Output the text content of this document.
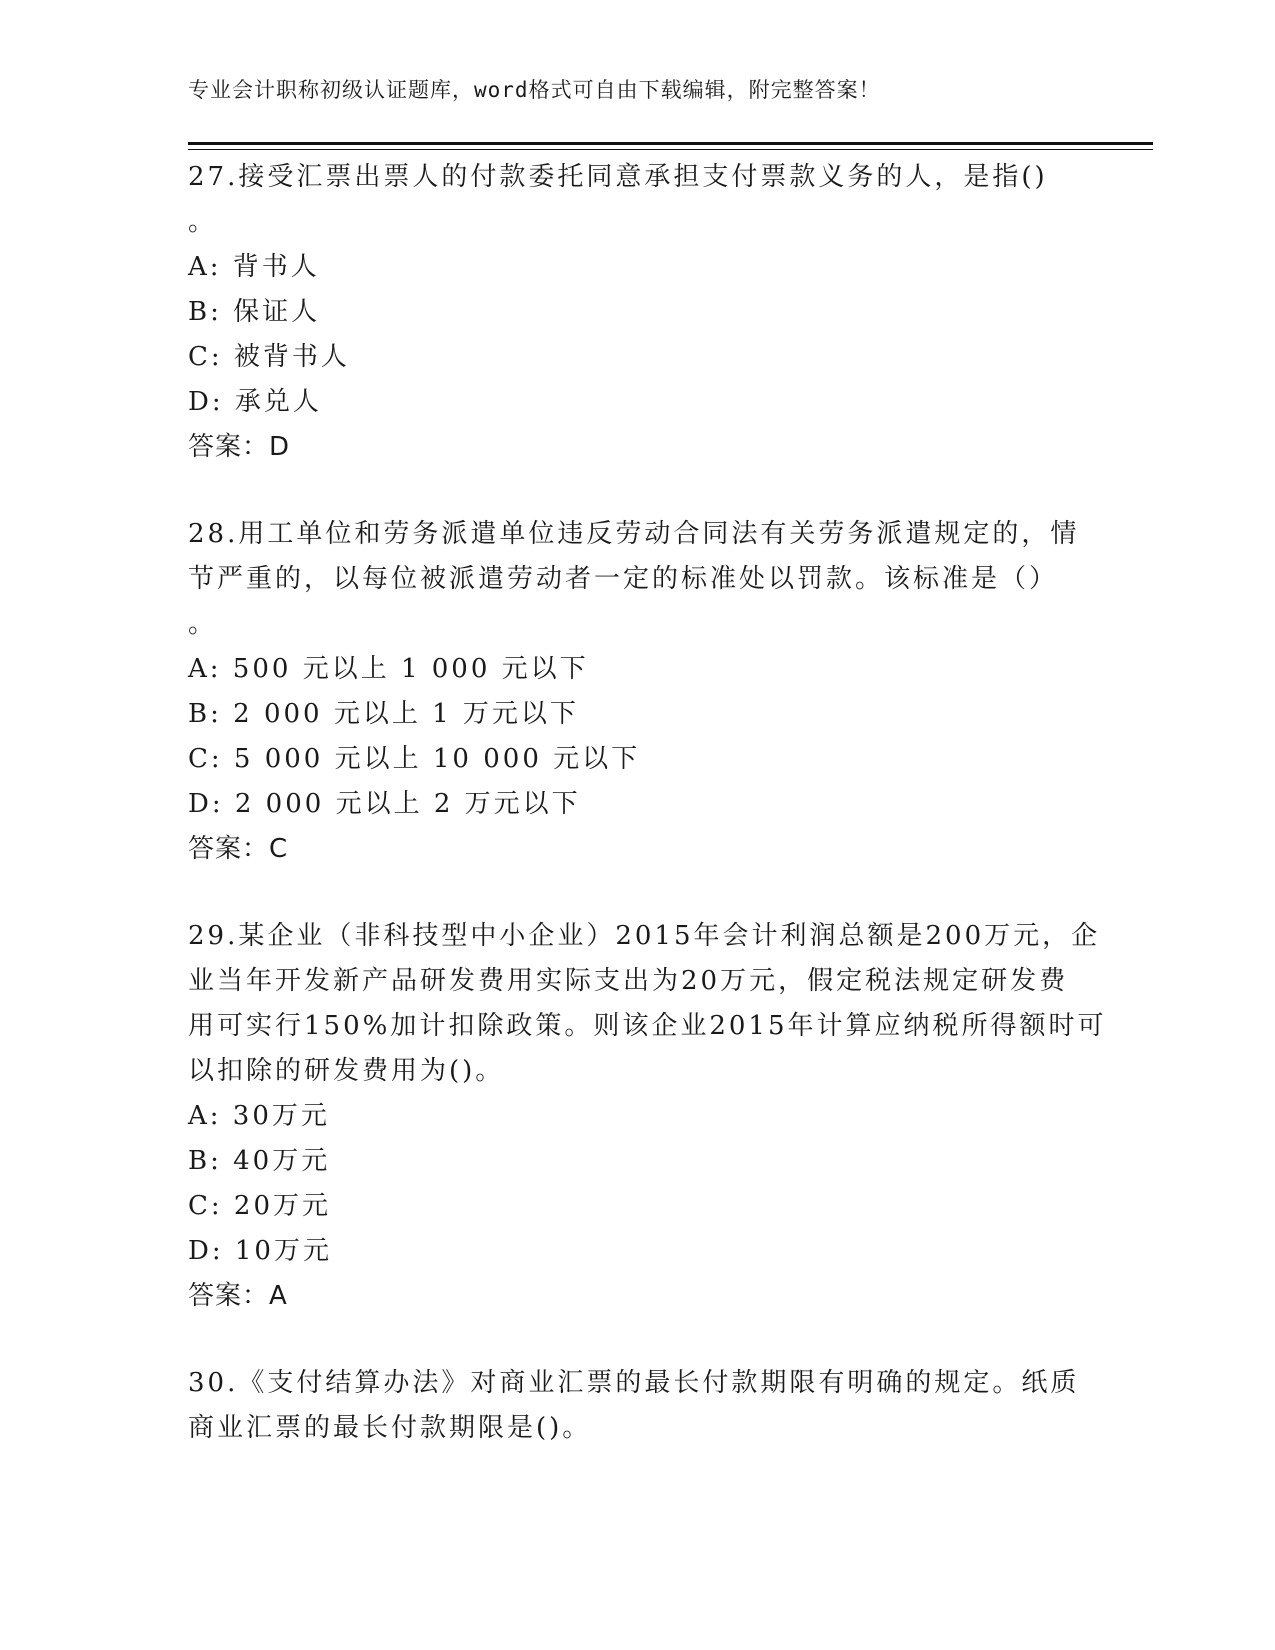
专业会计职称初级认证题库，word格式可自由下载编辑，附完整答案！
27.接受汇票出票人的付款委托同意承担支付票款义务的人，是指()
。
A: 背书人
B: 保证人
C: 被背书人
D: 承兑人
答案：D
28.用工单位和劳务派遣单位违反劳动合同法有关劳务派遣规定的，情
节严重的，以每位被派遣劳动者一定的标准处以罚款。该标准是（）
。
A: 500 元以上 1 000 元以下
B: 2 000 元以上 1 万元以下
C: 5 000 元以上 10 000 元以下
D: 2 000 元以上 2 万元以下
答案：C
29.某企业（非科技型中小企业）2015年会计利润总额是200万元，企
业当年开发新产品研发费用实际支出为20万元，假定税法规定研发费
用可实行150%加计扣除政策。则该企业2015年计算应纳税所得额时可
以扣除的研发费用为()。
A: 30万元
B: 40万元
C: 20万元
D: 10万元
答案：A
30.《支付结算办法》对商业汇票的最长付款期限有明确的规定。纸质
商业汇票的最长付款期限是()。
